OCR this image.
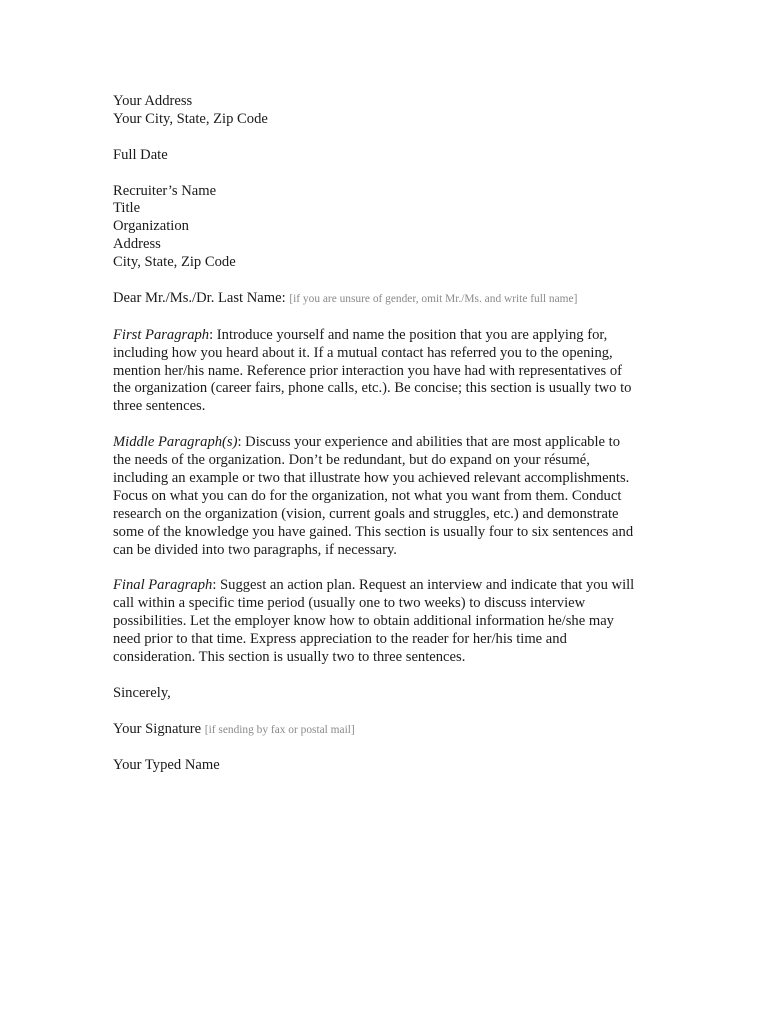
Your Address
Your City, State, Zip Code
Full Date
Recruiter’s Name
Title
Organization
Address
City, State, Zip Code
Dear Mr./Ms./Dr. Last Name: [if you are unsure of gender, omit Mr./Ms. and write full name]
First Paragraph: Introduce yourself and name the position that you are applying for,
including how you heard about it. If a mutual contact has referred you to the opening,
mention her/his name. Reference prior interaction you have had with representatives of
the organization (career fairs, phone calls, etc.). Be concise; this section is usually two to
three sentences.
Middle Paragraph(s): Discuss your experience and abilities that are most applicable to
the needs of the organization. Don’t be redundant, but do expand on your résumé,
including an example or two that illustrate how you achieved relevant accomplishments.
Focus on what you can do for the organization, not what you want from them. Conduct
research on the organization (vision, current goals and struggles, etc.) and demonstrate
some of the knowledge you have gained. This section is usually four to six sentences and
can be divided into two paragraphs, if necessary.
Final Paragraph: Suggest an action plan. Request an interview and indicate that you will
call within a specific time period (usually one to two weeks) to discuss interview
possibilities. Let the employer know how to obtain additional information he/she may
need prior to that time. Express appreciation to the reader for her/his time and
consideration. This section is usually two to three sentences.
Sincerely,
Your Signature [if sending by fax or postal mail]
Your Typed Name
